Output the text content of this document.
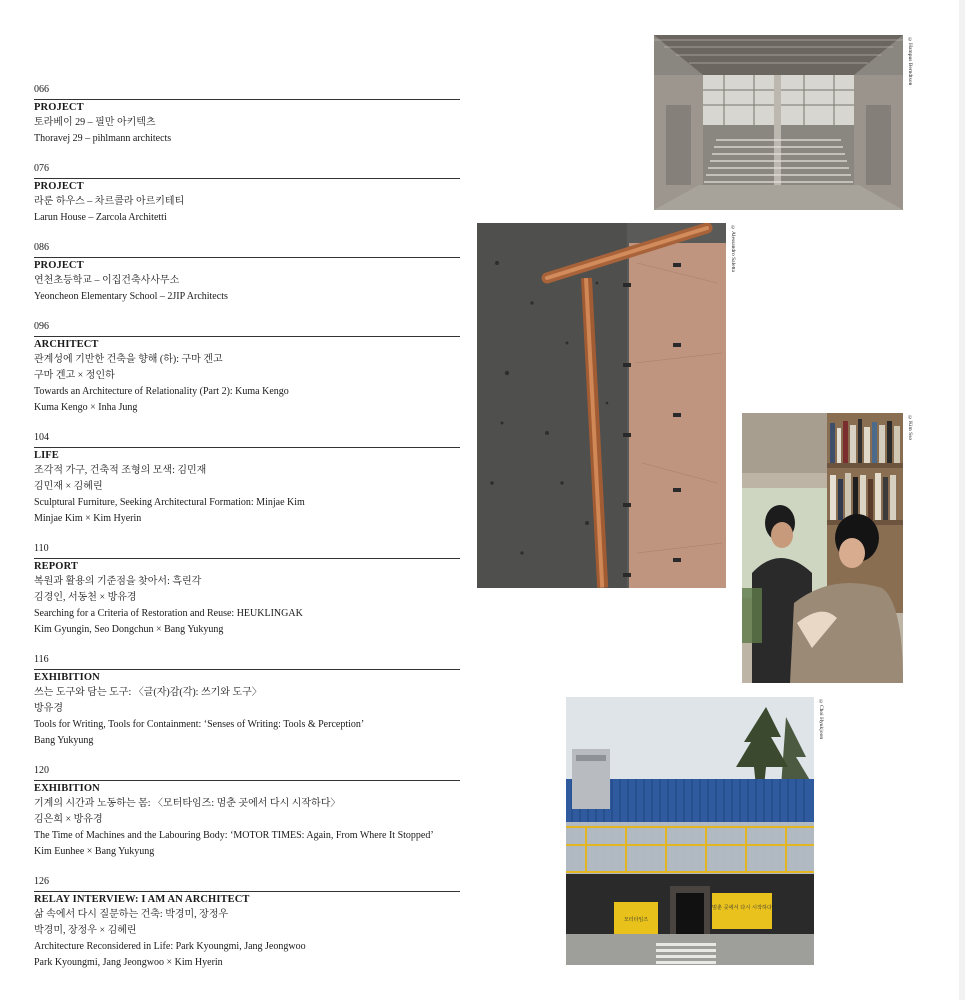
066
PROJECT
토라베이 29 – 필만 아키텍츠
Thoravej 29 – pihlmann architects
076
PROJECT
라룬 하우스 – 차르콜라 아르키테티
Larun House – Zarcola Architetti
086
PROJECT
연천초등학교 – 이집건축사사무소
Yeoncheon Elementary School – 2JIP Architects
096
ARCHITECT
관계성에 기반한 건축을 향해 (하): 구마 겐고
구마 겐고 × 정인하
Towards an Architecture of Relationality (Part 2): Kuma Kengo
Kuma Kengo × Inha Jung
104
LIFE
조각적 가구, 건축적 조형의 모색: 김민재
김민재 × 김혜린
Sculptural Furniture, Seeking Architectural Formation: Minjae Kim
Minjae Kim × Kim Hyerin
110
REPORT
복원과 활용의 기준점을 찾아서: 흑린각
김경인, 서동천 × 방유경
Searching for a Criteria of Restoration and Reuse: HEUKLINGAK
Kim Gyungin, Seo Dongchun × Bang Yukyung
116
EXHIBITION
쓰는 도구와 담는 도구: 〈글(자)감(각): 쓰기와 도구〉
방유경
Tools for Writing, Tools for Containment: ‘Senses of Writing: Tools & Perception’
Bang Yukyung
120
EXHIBITION
기계의 시간과 노동하는 몸: 〈모터타임즈: 멈춘 곳에서 다시 시작하다〉
김은희 × 방유경
The Time of Machines and the Labouring Body: ‘MOTOR TIMES: Again, From Where It Stopped’
Kim Eunhee × Bang Yukyung
126
RELAY INTERVIEW: I AM AN ARCHITECT
삶 속에서 다시 질문하는 건축: 박경미, 장정우
박경미, 장정우 × 김혜린
Architecture Reconsidered in Life: Park Kyoungmi, Jang Jeongwoo
Park Kyoungmi, Jang Jeongwoo × Kim Hyerin
©Hampus Berndtson
©Alessandro Saletta
©Kim Sso
모터타임즈
멈춘 곳에서 다시 시작하다
©Choi Hyukjoon
